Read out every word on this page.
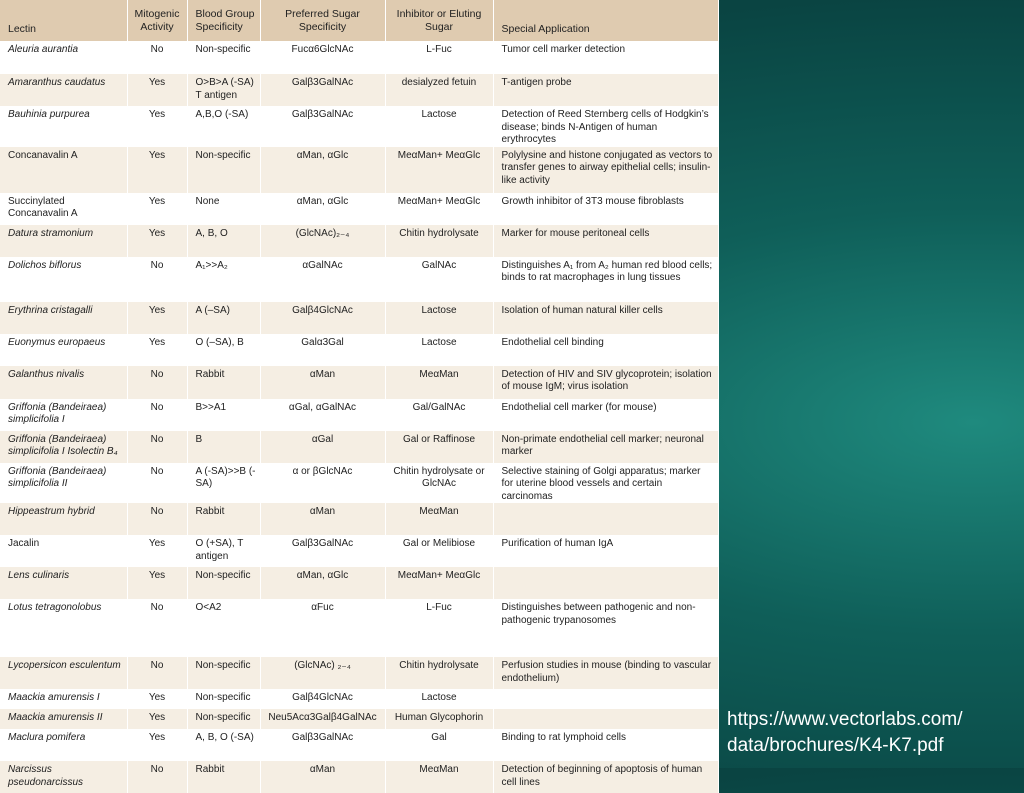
Lectin	Mitogenic Activity	Blood Group Specificity	Preferred Sugar Specificity	Inhibitor or Eluting Sugar	Special Application
Aleuria aurantia	No	Non-specific	Fucα6GlcNAc	L-Fuc	Tumor cell marker detection
Amaranthus caudatus	Yes	O>B>A (-SA) T antigen	Galβ3GalNAc	desialyzed fetuin	T-antigen probe
Bauhinia purpurea	Yes	A,B,O (-SA)	Galβ3GalNAc	Lactose	Detection of Reed Sternberg cells of Hodgkin’s disease; binds N-Antigen of human erythrocytes
Concanavalin A	Yes	Non-specific	αMan, αGlc	MeαMan+ MeαGlc	Polylysine and histone conjugated as vectors to transfer genes to airway epithelial cells; insulin-like activity
Succinylated Concanavalin A	Yes	None	αMan, αGlc	MeαMan+ MeαGlc	Growth inhibitor of 3T3 mouse fibroblasts
Datura stramonium	Yes	A, B, O	(GlcNAc)₂₋₄	Chitin hydrolysate	Marker for mouse peritoneal cells
Dolichos biflorus	No	A₁>>A₂	αGalNAc	GalNAc	Distinguishes A₁ from A₂ human red blood cells; binds to rat macrophages in lung tissues
Erythrina cristagalli	Yes	A (–SA)	Galβ4GlcNAc	Lactose	Isolation of human natural killer cells
Euonymus europaeus	Yes	O (–SA), B	Galα3Gal	Lactose	Endothelial cell binding
Galanthus nivalis	No	Rabbit	αMan	MeαMan	Detection of HIV and SIV glycoprotein; isolation of mouse IgM; virus isolation
Griffonia (Bandeiraea) simplicifolia I	No	B>>A1	αGal, αGalNAc	Gal/GalNAc	Endothelial cell marker (for mouse)
Griffonia (Bandeiraea) simplicifolia I Isolectin B₄	No	B	αGal	Gal or Raffinose	Non-primate endothelial cell marker; neuronal marker
Griffonia (Bandeiraea) simplicifolia II	No	A (-SA)>>B (-SA)	α or βGlcNAc	Chitin hydrolysate or GlcNAc	Selective staining of Golgi apparatus; marker for uterine blood vessels and certain carcinomas
Hippeastrum hybrid	No	Rabbit	αMan	MeαMan	
Jacalin	Yes	O (+SA), T antigen	Galβ3GalNAc	Gal or Melibiose	Purification of human IgA
Lens culinaris	Yes	Non-specific	αMan, αGlc	MeαMan+ MeαGlc	
Lotus tetragonolobus	No	O<A2	αFuc	L-Fuc	Distinguishes between pathogenic and non-pathogenic trypanosomes
Lycopersicon esculentum	No	Non-specific	(GlcNAc) ₂₋₄	Chitin hydrolysate	Perfusion studies in mouse (binding to vascular endothelium)
Maackia amurensis I	Yes	Non-specific	Galβ4GlcNAc	Lactose	
Maackia amurensis II	Yes	Non-specific	Neu5Acα3Galβ4GalNAc	Human Glycophorin	
Maclura pomifera	Yes	A, B, O (-SA)	Galβ3GalNAc	Gal	Binding to rat lymphoid cells
Narcissus pseudonarcissus	No	Rabbit	αMan	MeαMan	Detection of beginning of apoptosis of human cell lines
https://www.vectorlabs.com/ data/brochures/K4-K7.pdf
